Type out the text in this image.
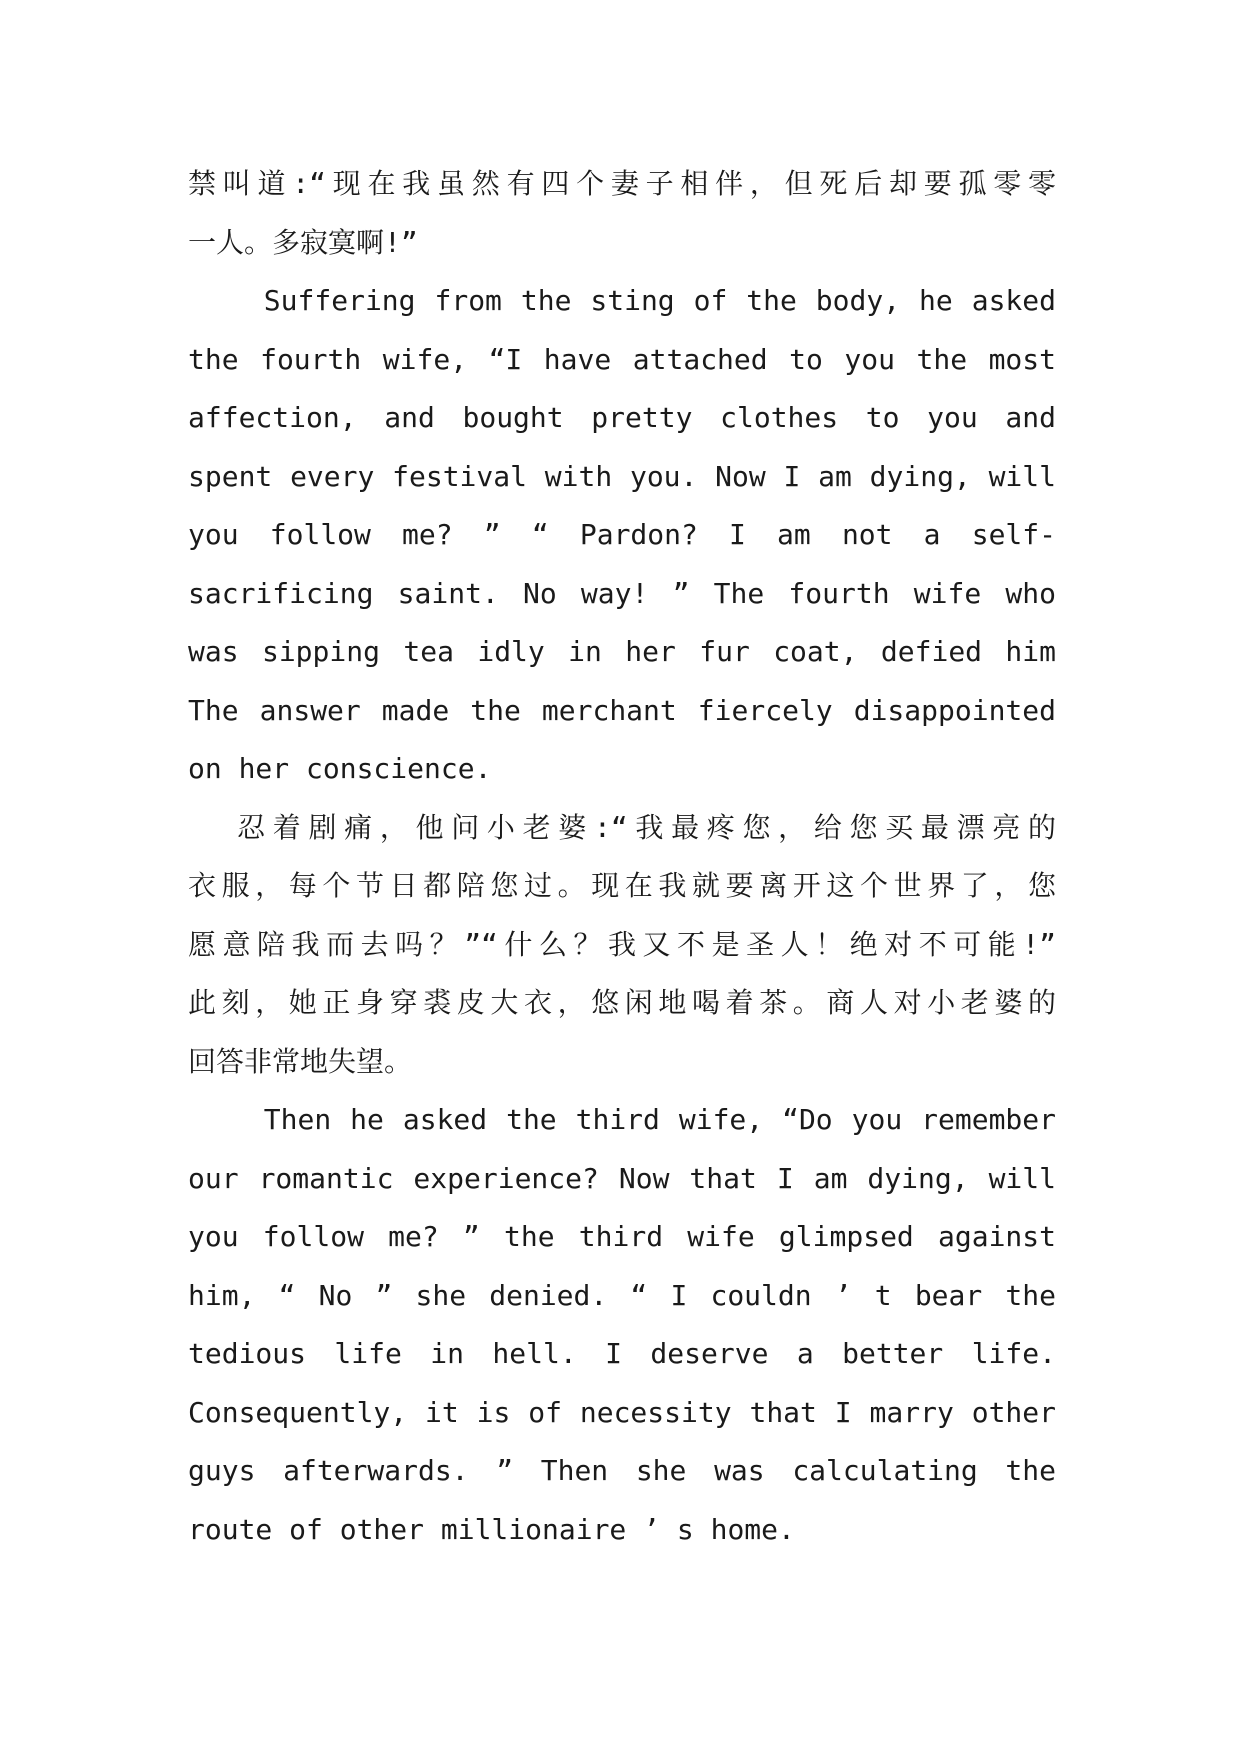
禁叫道:“现在我虽然有四个妻子相伴，但死后却要孤零零
一人。多寂寞啊!”
Suffering from the sting of the body, he asked
the fourth wife, “I have attached to you the most
affection, and bought pretty clothes to you and
spent every festival with you. Now I am dying, will
you follow me? ” “ Pardon? I am not a self-
sacrificing saint. No way! ” The fourth wife who
was sipping tea idly in her fur coat, defied him
The answer made the merchant fiercely disappointed
on her conscience.
忍着剧痛，他问小老婆:“我最疼您，给您买最漂亮的
衣服，每个节日都陪您过。现在我就要离开这个世界了，您
愿意陪我而去吗？”“什么？我又不是圣人！绝对不可能!”
此刻，她正身穿裘皮大衣，悠闲地喝着茶。商人对小老婆的
回答非常地失望。
Then he asked the third wife, “Do you remember
our romantic experience? Now that I am dying, will
you follow me? ” the third wife glimpsed against
him, “ No ” she denied. “ I couldn ’ t bear the
tedious life in hell. I deserve a better life.
Consequently, it is of necessity that I marry other
guys afterwards. ” Then she was calculating the
route of other millionaire ’ s home.
